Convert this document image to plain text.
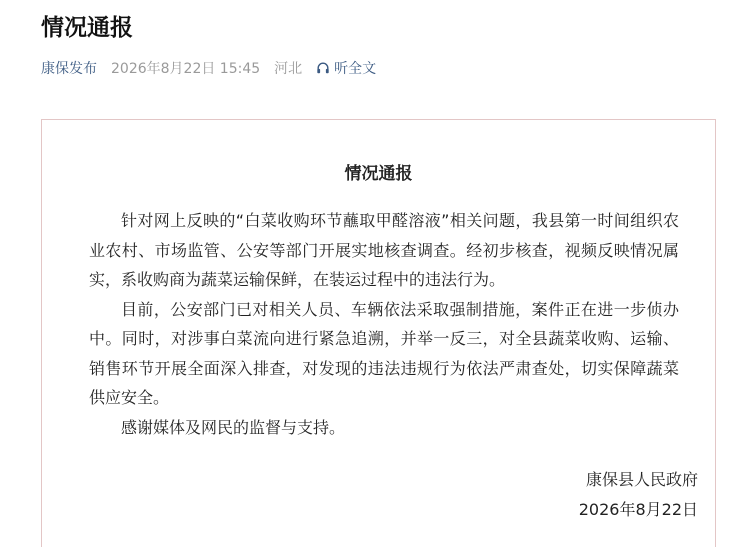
情况通报
康保发布 2026年8月22日 15:45 河北 听全文
情况通报

针对网上反映的“白菜收购环节蘸取甲醛溶液”相关问题，我县第一时间组织农业农村、市场监管、公安等部门开展实地核查调查。经初步核查，视频反映情况属实，系收购商为蔬菜运输保鲜，在装运过程中的违法行为。

目前，公安部门已对相关人员、车辆依法采取强制措施，案件正在进一步侦办中。同时，对涉事白菜流向进行紧急追溯，并举一反三，对全县蔬菜收购、运输、销售环节开展全面深入排查，对发现的违法违规行为依法严肃查处，切实保障蔬菜供应安全。

感谢媒体及网民的监督与支持。

康保县人民政府
2026年8月22日
